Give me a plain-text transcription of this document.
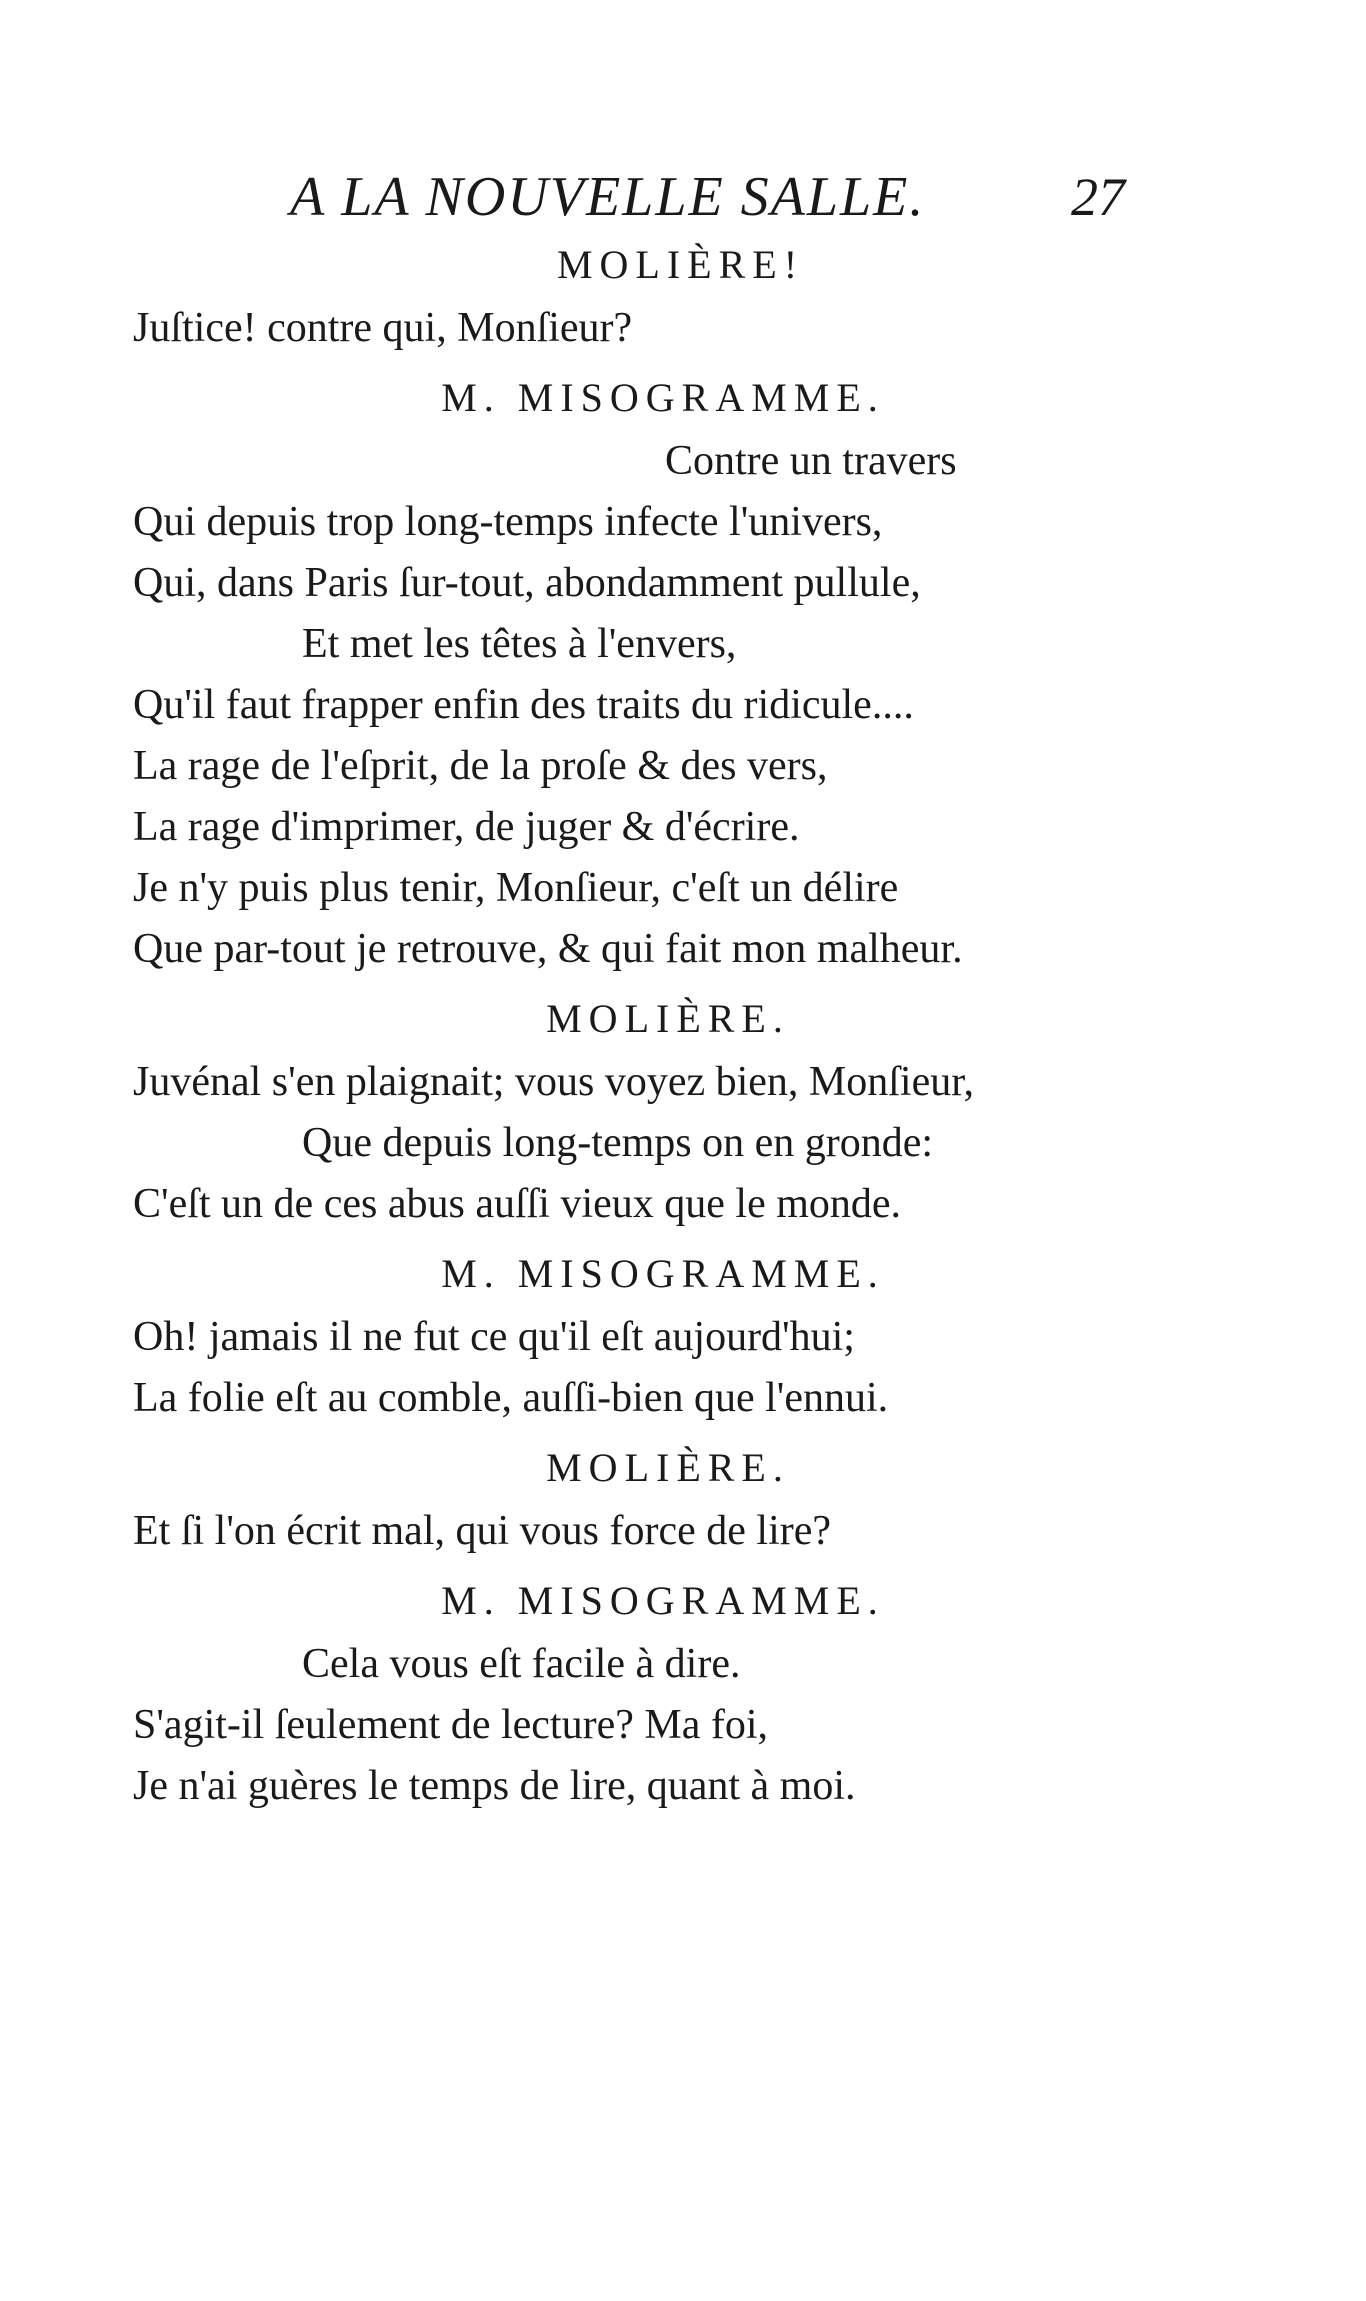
A LA NOUVELLE SALLE.	27
MOLIÈRE!
Juſtice! contre qui, Monſieur?
M. MISOGRAMME.
Contre un travers
Qui depuis trop long-temps infecte l'univers,
Qui, dans Paris ſur-tout, abondamment pullule,
Et met les têtes à l'envers,
Qu'il faut frapper enfin des traits du ridicule....
La rage de l'eſprit, de la proſe & des vers,
La rage d'imprimer, de juger & d'écrire.
Je n'y puis plus tenir, Monſieur, c'eſt un délire
Que par-tout je retrouve, & qui fait mon malheur.
MOLIÈRE.
Juvénal s'en plaignait; vous voyez bien, Monſieur,
Que depuis long-temps on en gronde:
C'eſt un de ces abus auſſi vieux que le monde.
M. MISOGRAMME.
Oh! jamais il ne fut ce qu'il eſt aujourd'hui;
La folie eſt au comble, auſſi-bien que l'ennui.
MOLIÈRE.
Et ſi l'on écrit mal, qui vous force de lire?
M. MISOGRAMME.
Cela vous eſt facile à dire.
S'agit-il ſeulement de lecture? Ma foi,
Je n'ai guères le temps de lire, quant à moi.
